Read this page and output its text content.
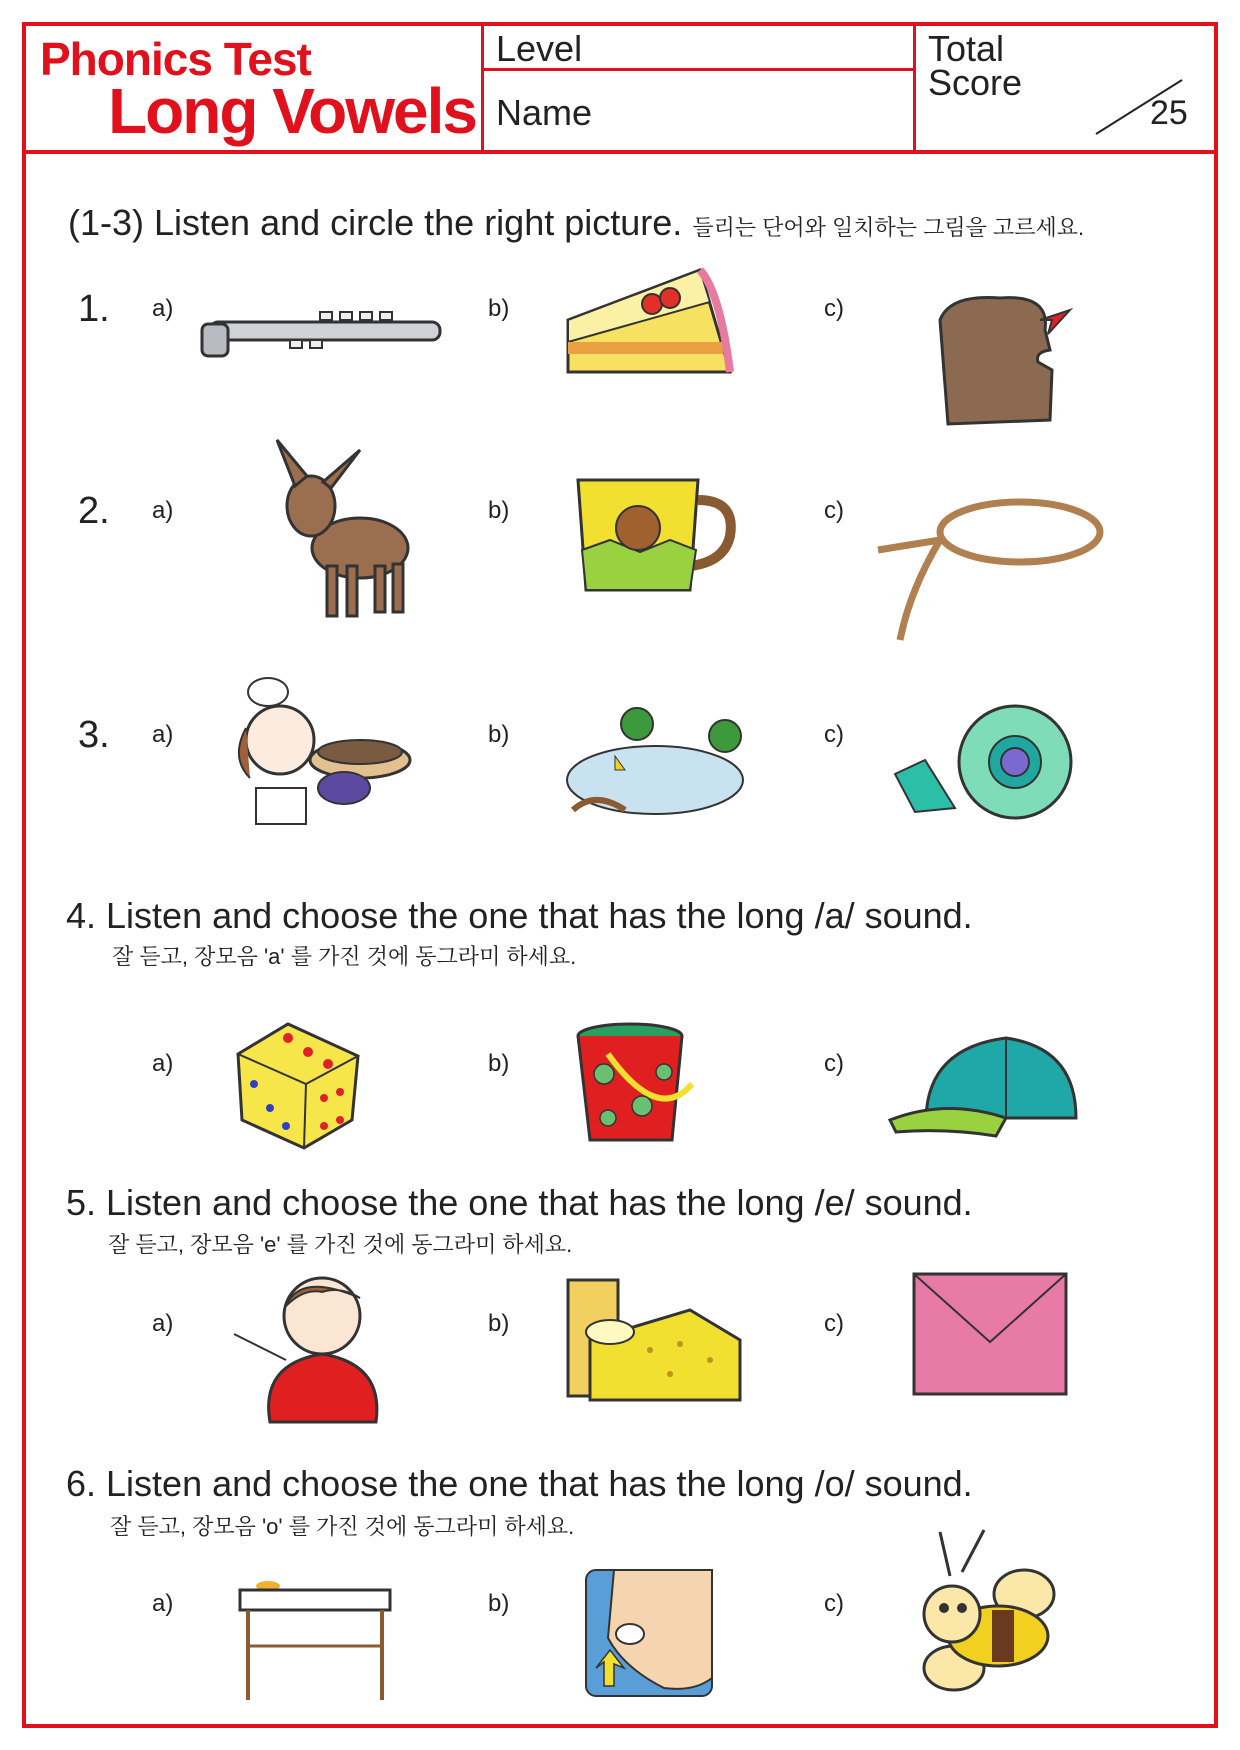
Phonics Test
Long Vowels
Level
Name
Total
Score
25
(1-3) Listen and circle the right picture. 들리는 단어와 일치하는 그림을 고르세요.
1. a)	b)	c)
2. a)	b)	c)
3. a)	b)	c)
4. Listen and choose the one that has the long /a/ sound.
잘 듣고, 장모음 'a' 를 가진 것에 동그라미 하세요.
a)	b)	c)
5. Listen and choose the one that has the long /e/ sound.
잘 듣고, 장모음 'e' 를 가진 것에 동그라미 하세요.
a)	b)	c)
6. Listen and choose the one that has the long /o/ sound.
잘 듣고, 장모음 'o' 를 가진 것에 동그라미 하세요.
a)	b)	c)
